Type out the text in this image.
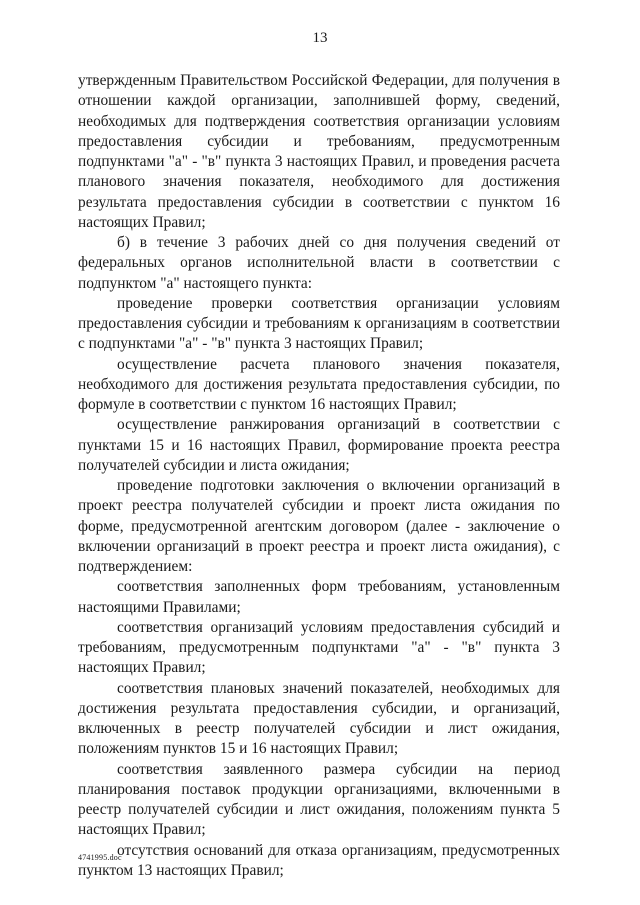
13

утвержденным Правительством Российской Федерации, для получения в отношении каждой организации, заполнившей форму, сведений, необходимых для подтверждения соответствия организации условиям предоставления субсидии и требованиям, предусмотренным подпунктами "а" - "в" пункта 3 настоящих Правил, и проведения расчета планового значения показателя, необходимого для достижения результата предоставления субсидии в соответствии с пунктом 16 настоящих Правил;

б) в течение 3 рабочих дней со дня получения сведений от федеральных органов исполнительной власти в соответствии с подпунктом "а" настоящего пункта:

проведение проверки соответствия организации условиям предоставления субсидии и требованиям к организациям в соответствии с подпунктами "а" - "в" пункта 3 настоящих Правил;

осуществление расчета планового значения показателя, необходимого для достижения результата предоставления субсидии, по формуле в соответствии с пунктом 16 настоящих Правил;

осуществление ранжирования организаций в соответствии с пунктами 15 и 16 настоящих Правил, формирование проекта реестра получателей субсидии и листа ожидания;

проведение подготовки заключения о включении организаций в проект реестра получателей субсидии и проект листа ожидания по форме, предусмотренной агентским договором (далее - заключение о включении организаций в проект реестра и проект листа ожидания), с подтверждением:

соответствия заполненных форм требованиям, установленным настоящими Правилами;

соответствия организаций условиям предоставления субсидий и требованиям, предусмотренным подпунктами "а" - "в" пункта 3 настоящих Правил;

соответствия плановых значений показателей, необходимых для достижения результата предоставления субсидии, и организаций, включенных в реестр получателей субсидии и лист ожидания, положениям пунктов 15 и 16 настоящих Правил;

соответствия заявленного размера субсидии на период планирования поставок продукции организациями, включенными в реестр получателей субсидии и лист ожидания, положениям пункта 5 настоящих Правил;

отсутствия оснований для отказа организациям, предусмотренных пунктом 13 настоящих Правил;

4741995.doc
